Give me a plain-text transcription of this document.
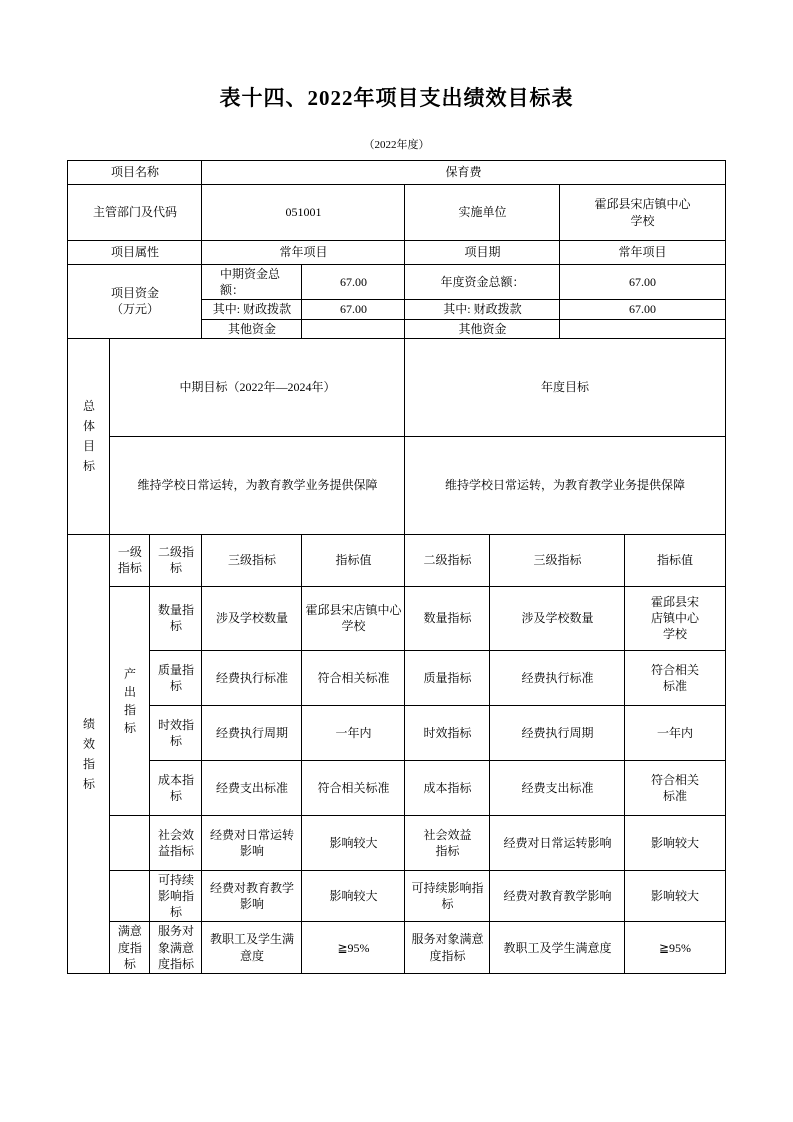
表十四、2022年项目支出绩效目标表
（2022年度）
项目名称			保育费					
主管部门及代码			051001		实施单位		霍邱县宋店镇中心学校	
项目属性			常年项目		项目期		常年项目	
项目资金（万元）			中期资金总额：	67.00	年度资金总额：		67.00	
			其中: 财政拨款	67.00	其中: 财政拨款		67.00	
			其他资金		其他资金			
总体目标	中期目标（2022年—2024年）				年度目标			
	维持学校日常运转，为教育教学业务提供保障				维持学校日常运转，为教育教学业务提供保障			
绩效指标	一级指标	二级指标	三级指标	指标值	二级指标	三级指标		指标值
	产出指标	数量指标	涉及学校数量	霍邱县宋店镇中心学校	数量指标	涉及学校数量		霍邱县宋店镇中心学校
		质量指标	经费执行标准	符合相关标准	质量指标	经费执行标准		符合相关标准
		时效指标	经费执行周期	一年内	时效指标	经费执行周期		一年内
		成本指标	经费支出标准	符合相关标准	成本指标	经费支出标准		符合相关标准
		社会效益指标	经费对日常运转影响	影响较大	社会效益指标	经费对日常运转影响		影响较大
		可持续影响指标	经费对教育教学影响	影响较大	可持续影响指标	经费对教育教学影响		影响较大
	满意度指标	服务对象满意度指标	教职工及学生满意度	≧95%	服务对象满意度指标	教职工及学生满意度		≧95%
